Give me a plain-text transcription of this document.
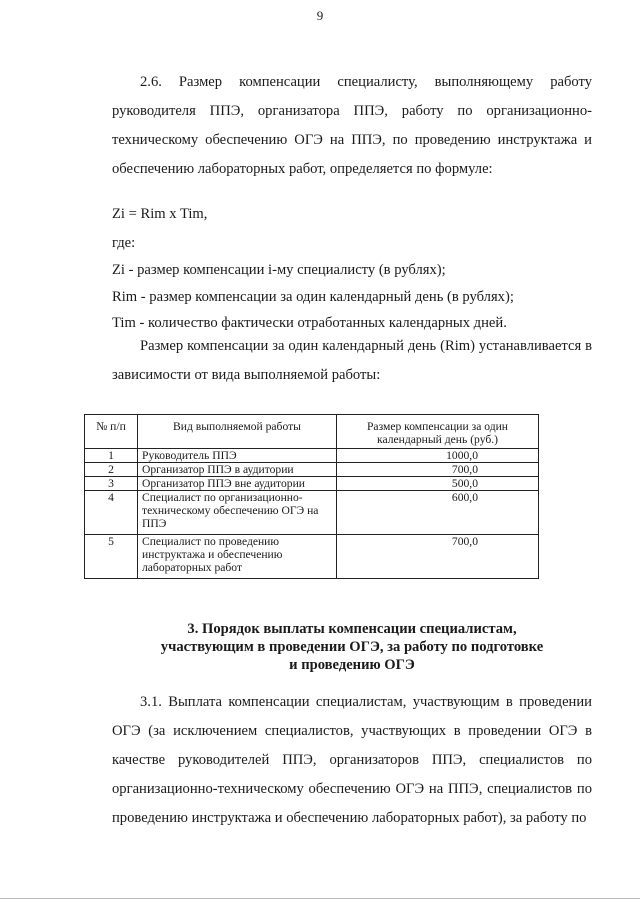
9
2.6. Размер компенсации специалисту, выполняющему работу руководителя ППЭ, организатора ППЭ, работу по организационно-техническому обеспечению ОГЭ на ППЭ, по проведению инструктажа и обеспечению лабораторных работ, определяется по формуле:
Zi = Rim x Tim,
где:
Zi - размер компенсации i-му специалисту (в рублях);
Rim - размер компенсации за один календарный день (в рублях);
Tim - количество фактически отработанных календарных дней.
Размер компенсации за один календарный день (Rim) устанавливается в зависимости от вида выполняемой работы:
№ п/п	Вид выполняемой работы	Размер компенсации за один календарный день (руб.)
1	Руководитель ППЭ	1000,0
2	Организатор ППЭ в аудитории	700,0
3	Организатор ППЭ вне аудитории	500,0
4	Специалист по организационно-техническому обеспечению ОГЭ на ППЭ	600,0
5	Специалист по проведению инструктажа и обеспечению лабораторных работ	700,0
3. Порядок выплаты компенсации специалистам,
участвующим в проведении ОГЭ, за работу по подготовке
и проведению ОГЭ
3.1. Выплата компенсации специалистам, участвующим в проведении ОГЭ (за исключением специалистов, участвующих в проведении ОГЭ в качестве руководителей ППЭ, организаторов ППЭ, специалистов по организационно-техническому обеспечению ОГЭ на ППЭ, специалистов по проведению инструктажа и обеспечению лабораторных работ), за работу по
